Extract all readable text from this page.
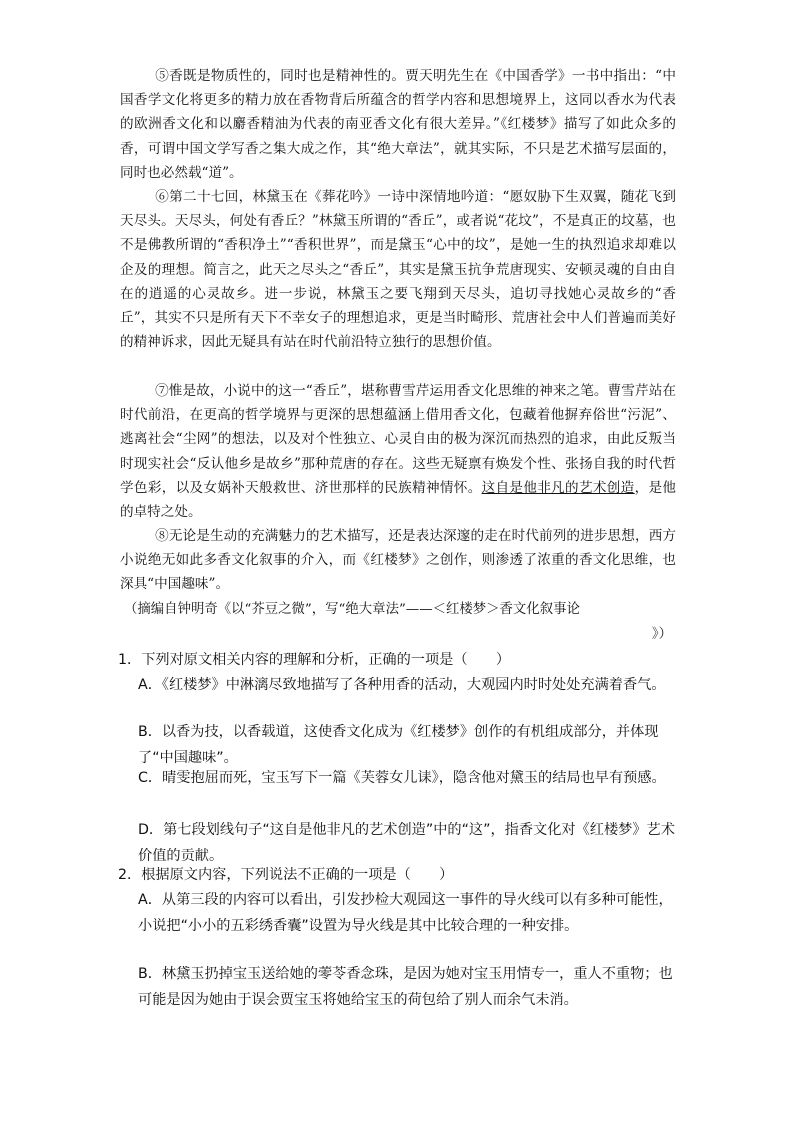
⑤香既是物质性的，同时也是精神性的。贾天明先生在《中国香学》一书中指出：“中国香学文化将更多的精力放在香物背后所蕴含的哲学内容和思想境界上，这同以香水为代表的欧洲香文化和以麝香精油为代表的南亚香文化有很大差异。”《红楼梦》描写了如此众多的香，可谓中国文学写香之集大成之作，其“绝大章法”，就其实际，不只是艺术描写层面的，同时也必然载“道”。

⑥第二十七回，林黛玉在《葬花吟》一诗中深情地吟道：“愿奴胁下生双翼，随花飞到天尽头。天尽头，何处有香丘？”林黛玉所谓的“香丘”，或者说“花坟”，不是真正的坟墓，也不是佛教所谓的“香积净土”“香积世界”，而是黛玉“心中的坟”，是她一生的执烈追求却难以企及的理想。简言之，此天之尽头之“香丘”，其实是黛玉抗争荒唐现实、安顿灵魂的自由自在的逍遥的心灵故乡。进一步说，林黛玉之要飞翔到天尽头，追切寻找她心灵故乡的“香丘”，其实不只是所有天下不幸女子的理想追求，更是当时畸形、荒唐社会中人们普遍而美好的精神诉求，因此无疑具有站在时代前沿特立独行的思想价值。

⑦惟是故，小说中的这一“香丘”，堪称曹雪芹运用香文化思维的神来之笔。曹雪芹站在时代前沿，在更高的哲学境界与更深的思想蕴涵上借用香文化，包藏着他摒弃俗世“污泥”、逃离社会“尘网”的想法，以及对个性独立、心灵自由的极为深沉而热烈的追求，由此反叛当时现实社会“反认他乡是故乡”那种荒唐的存在。这些无疑禀有焕发个性、张扬自我的时代哲学色彩，以及女娲补天般救世、济世那样的民族精神情怀。这自是他非凡的艺术创造，是他的卓特之处。

⑧无论是生动的充满魅力的艺术描写，还是表达深邃的走在时代前列的进步思想，西方小说绝无如此多香文化叙事的介入，而《红楼梦》之创作，则渗透了浓重的香文化思维，也深具“中国趣味”。

（摘编自钟明奇《以“芥豆之微”，写“绝大章法”——＜红楼梦＞香文化叙事论
》）

1．下列对原文相关内容的理解和分析，正确的一项是（　　）

A．《红楼梦》中淋漓尽致地描写了各种用香的活动，大观园内时时处处充满着香气。

B．以香为技，以香载道，这使香文化成为《红楼梦》创作的有机组成部分，并体现了“中国趣味”。

C．晴雯抱屈而死，宝玉写下一篇《芙蓉女儿诔》，隐含他对黛玉的结局也早有预感。

D．第七段划线句子“这自是他非凡的艺术创造”中的“这”，指香文化对《红楼梦》艺术价值的贡献。

2．根据原文内容，下列说法不正确的一项是（　　）

A．从第三段的内容可以看出，引发抄检大观园这一事件的导火线可以有多种可能性，小说把“小小的五彩绣香囊”设置为导火线是其中比较合理的一种安排。

B．林黛玉扔掉宝玉送给她的蕶苓香念珠，是因为她对宝玉用情专一，重人不重物；也可能是因为她由于误会贾宝玉将她给宝玉的荷包给了别人而余气未消。
